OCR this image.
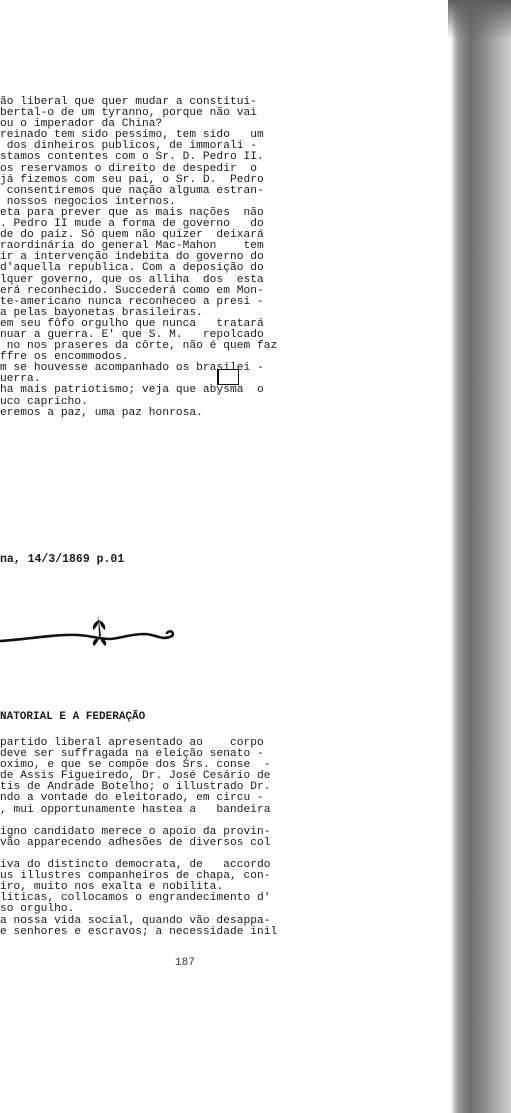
ão liberal que quer mudar a constitui-
bertal-o de um tyranno, porque não vai
ou o imperador da China?
reinado tem sido pessimo, tem sido   um
dos dinheiros publicos, de immorali -
stamos contentes com o Sr. D. Pedro II.
os reservamos o direito de despedir  o
já fizemos com seu pai, o Sr. D.  Pedro
consentiremos que nação alguma estran-
nossos negocios internos.
eta para prever que as mais nações  não
. Pedro II mude a forma de governo   do
de do paiz. Só quem não quizer  deixará
raordinária do general Mac-Mahon    tem
ir a intervenção indebita do governo do
d'aquella republica. Com a deposição do
lquer governo, que os alliha  dos  esta
erá reconhecido. Succederá como em Mon-
te-americano nunca reconheceo a presi -
a pelas bayonetas brasileiras.
em seu fôfo orgulho que nunca   tratará
nuar a guerra. E' que S. M.   repolcado
no nos praseres da côrte, não é quem faz
ffre os encommodos.
m se houvesse acompanhado os brasilei -
uerra.
ha mais patriotismo; veja que abysma  o
uco capricho.
eremos a paz, uma paz honrosa.
na, 14/3/1869 p.01
NATORIAL E A FEDERAÇÃO
partido liberal apresentado ao    corpo
deve ser suffragada na eleição senato -
oximo, e que se compõe dos Srs. conse  -
de Assis Figueiredo, Dr. José Cesário de
tis de Andrade Botelho; o illustrado Dr.
ndo a vontade do eleitorado, em circu -
, mui opportunamente hastea a   bandeira
igno candidato merece o apoio da provin-
vão apparecendo adhesões de diversos col
iva do distincto democrata, de   accordo
us illustres companheiros de chapa, con-
iro, muito nos exalta e nobilita.
liticas, collocamos o engrandecimento d'
so orgulho.
a nossa vida social, quando vão desappa-
e senhores e escravos; a necessidade inil
187
